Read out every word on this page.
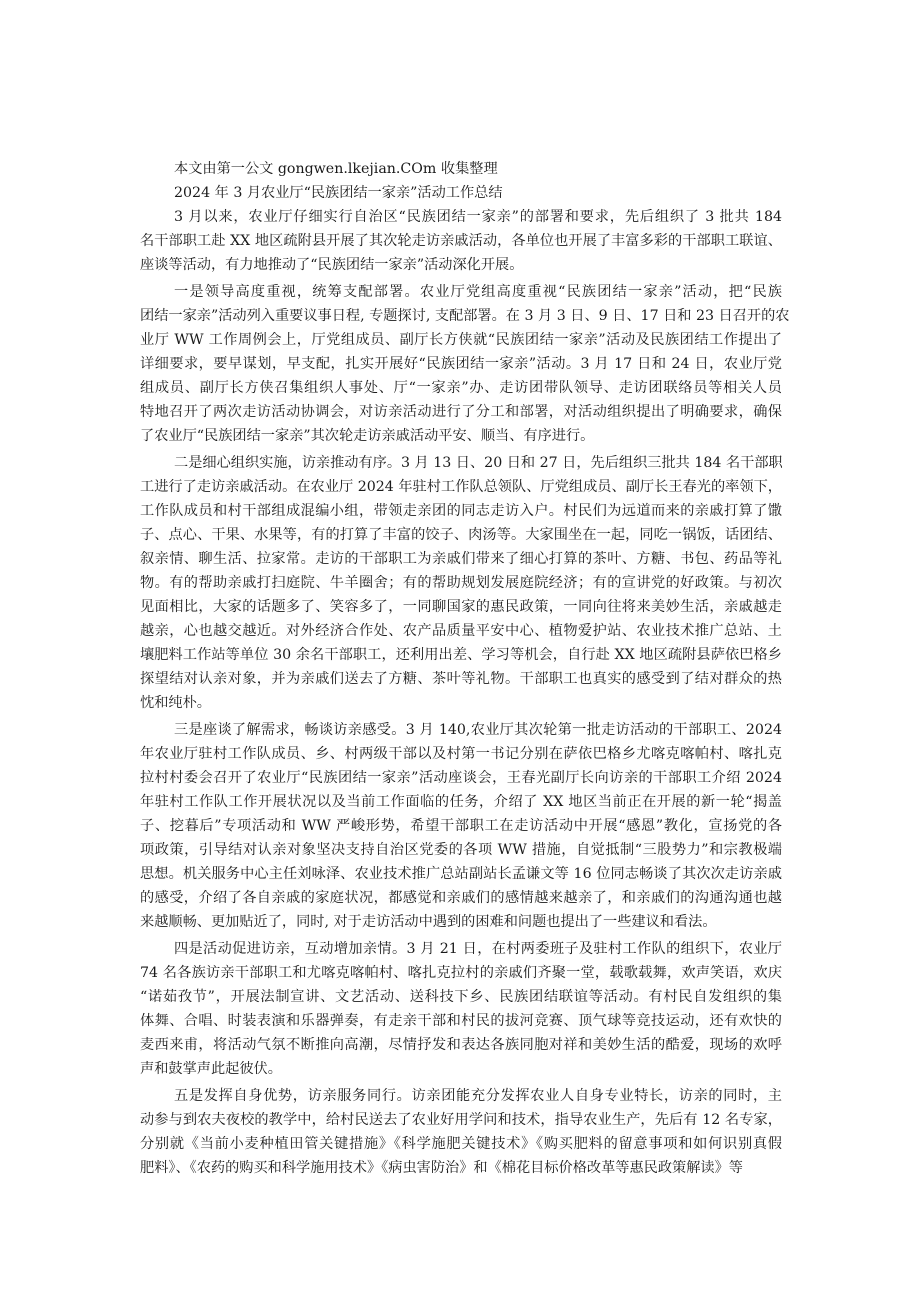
本文由第一公文 gongwen.lkejian.COm 收集整理
2024 年 3 月农业厅“民族团结一家亲”活动工作总结
3 月以来，农业厅仔细实行自治区“民族团结一家亲”的部署和要求，先后组织了 3 批共 184
名干部职工赴 XX 地区疏附县开展了其次轮走访亲戚活动，各单位也开展了丰富多彩的干部职工联谊、
座谈等活动，有力地推动了“民族团结一家亲”活动深化开展。
一是领导高度重视，统筹支配部署。农业厅党组高度重视“民族团结一家亲”活动，把“民族
团结一家亲”活动列入重要议事日程, 专题探讨, 支配部署。在 3 月 3 日、9 日、17 日和 23 日召开的农
业厅 WW 工作周例会上，厅党组成员、副厅长方侠就“民族团结一家亲”活动及民族团结工作提出了
详细要求，要早谋划，早支配，扎实开展好“民族团结一家亲”活动。3 月 17 日和 24 日，农业厅党
组成员、副厅长方侠召集组织人事处、厅“一家亲”办、走访团带队领导、走访团联络员等相关人员
特地召开了两次走访活动协调会，对访亲活动进行了分工和部署，对活动组织提出了明确要求，确保
了农业厅“民族团结一家亲”其次轮走访亲戚活动平安、顺当、有序进行。
二是细心组织实施，访亲推动有序。3 月 13 日、20 日和 27 日，先后组织三批共 184 名干部职
工进行了走访亲戚活动。在农业厅 2024 年驻村工作队总领队、厅党组成员、副厅长王春光的率领下，
工作队成员和村干部组成混编小组，带领走亲团的同志走访入户。村民们为远道而来的亲戚打算了馓
子、点心、干果、水果等，有的打算了丰富的饺子、肉汤等。大家围坐在一起，同吃一锅饭，话团结、
叙亲情、聊生活、拉家常。走访的干部职工为亲戚们带来了细心打算的茶叶、方糖、书包、药品等礼
物。有的帮助亲戚打扫庭院、牛羊圈舍；有的帮助规划发展庭院经济；有的宣讲党的好政策。与初次
见面相比，大家的话题多了、笑容多了，一同聊国家的惠民政策，一同向往将来美妙生活，亲戚越走
越亲，心也越交越近。对外经济合作处、农产品质量平安中心、植物爱护站、农业技术推广总站、土
壤肥料工作站等单位 30 余名干部职工，还利用出差、学习等机会，自行赴 XX 地区疏附县萨依巴格乡
探望结对认亲对象，并为亲戚们送去了方糖、茶叶等礼物。干部职工也真实的感受到了结对群众的热
忱和纯朴。
三是座谈了解需求，畅谈访亲感受。3 月 140,农业厅其次轮第一批走访活动的干部职工、2024
年农业厅驻村工作队成员、乡、村两级干部以及村第一书记分别在萨依巴格乡尤喀克喀帕村、喀扎克
拉村村委会召开了农业厅“民族团结一家亲”活动座谈会，王春光副厅长向访亲的干部职工介绍 2024
年驻村工作队工作开展状况以及当前工作面临的任务，介绍了 XX 地区当前正在开展的新一轮“揭盖
子、挖暮后”专项活动和 WW 严峻形势，希望干部职工在走访活动中开展“感恩”教化，宣扬党的各
项政策，引导结对认亲对象坚决支持自治区党委的各项 WW 措施，自觉抵制“三股势力”和宗教极端
思想。机关服务中心主任刘咏泽、农业技术推广总站副站长孟谦文等 16 位同志畅谈了其次次走访亲戚
的感受，介绍了各自亲戚的家庭状况，都感觉和亲戚们的感情越来越亲了，和亲戚们的沟通沟通也越
来越顺畅、更加贴近了，同时, 对于走访活动中遇到的困难和问题也提出了一些建议和看法。
四是活动促进访亲，互动增加亲情。3 月 21 日，在村两委班子及驻村工作队的组织下，农业厅
74 名各族访亲干部职工和尤喀克喀帕村、喀扎克拉村的亲戚们齐聚一堂，载歌载舞，欢声笑语，欢庆
“诺茹孜节”，开展法制宣讲、文艺活动、送科技下乡、民族团结联谊等活动。有村民自发组织的集
体舞、合唱、时装表演和乐器弹奏，有走亲干部和村民的拔河竞赛、顶气球等竞技运动，还有欢快的
麦西来甫，将活动气氛不断推向高潮，尽情抒发和表达各族同胞对祥和美妙生活的酷爱，现场的欢呼
声和鼓掌声此起彼伏。
五是发挥自身优势，访亲服务同行。访亲团能充分发挥农业人自身专业特长，访亲的同时，主
动参与到农夫夜校的教学中，给村民送去了农业好用学问和技术，指导农业生产，先后有 12 名专家，
分别就《当前小麦种植田管关键措施》《科学施肥关键技术》《购买肥料的留意事项和如何识别真假
肥料》、《农药的购买和科学施用技术》《病虫害防治》和《棉花目标价格改革等惠民政策解读》等
